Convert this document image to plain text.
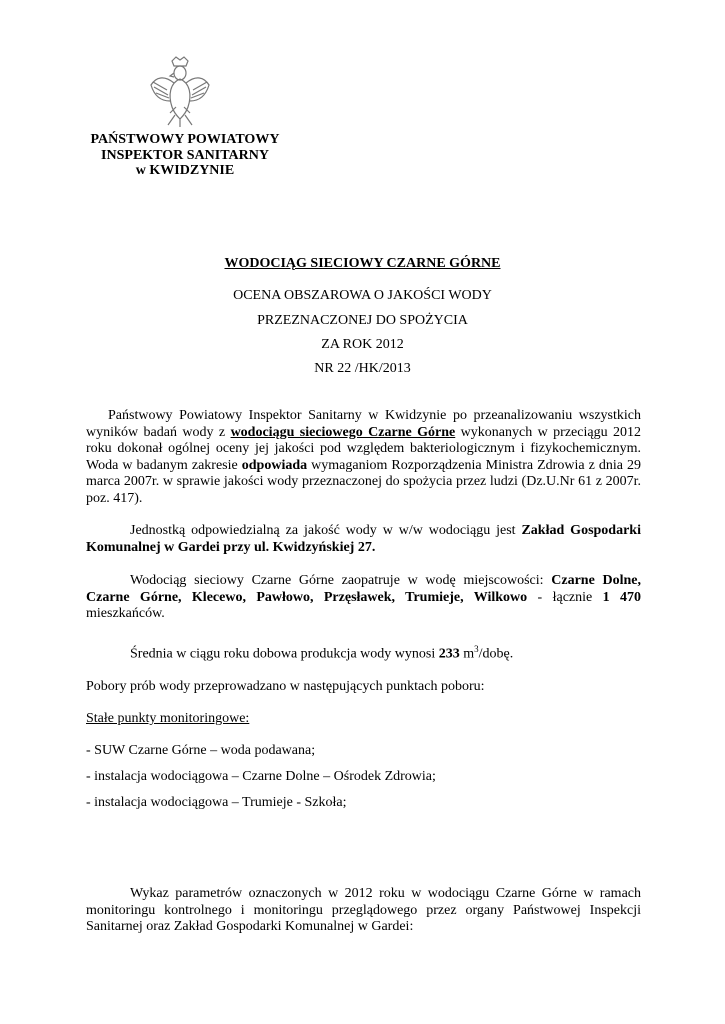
PAŃSTWOWY POWIATOWY
INSPEKTOR SANITARNY
w KWIDZYNIE
WODOCIĄG SIECIOWY CZARNE GÓRNE
OCENA OBSZAROWA O JAKOŚCI WODY
PRZEZNACZONEJ DO SPOŻYCIA
ZA ROK 2012
NR 22 /HK/2013
Państwowy Powiatowy Inspektor Sanitarny w Kwidzynie po przeanalizowaniu wszystkich wyników badań wody z wodociągu sieciowego Czarne Górne wykonanych w przeciągu 2012 roku dokonał ogólnej oceny jej jakości pod względem bakteriologicznym i fizykochemicznym. Woda w badanym zakresie odpowiada wymaganiom Rozporządzenia Ministra Zdrowia z dnia 29 marca 2007r. w sprawie jakości wody przeznaczonej do spożycia przez ludzi (Dz.U.Nr 61 z 2007r. poz. 417).
Jednostką odpowiedzialną za jakość wody w w/w wodociągu jest Zakład Gospodarki Komunalnej w Gardei przy ul. Kwidzyńskiej 27.
Wodociąg sieciowy Czarne Górne zaopatruje w wodę miejscowości: Czarne Dolne, Czarne Górne, Klecewo, Pawłowo, Przęsławek, Trumieje, Wilkowo - łącznie 1 470 mieszkańców.
Średnia w ciągu roku dobowa produkcja wody wynosi 233 $m^3$/dobę.
Pobory prób wody przeprowadzano w następujących punktach poboru:
Stałe punkty monitoringowe:
- SUW Czarne Górne – woda podawana;
- instalacja wodociągowa – Czarne Dolne – Ośrodek Zdrowia;
- instalacja wodociągowa – Trumieje - Szkoła;
Wykaz parametrów oznaczonych w 2012 roku w wodociągu Czarne Górne w ramach monitoringu kontrolnego i monitoringu przeglądowego przez organy Państwowej Inspekcji Sanitarnej oraz Zakład Gospodarki Komunalnej w Gardei:
